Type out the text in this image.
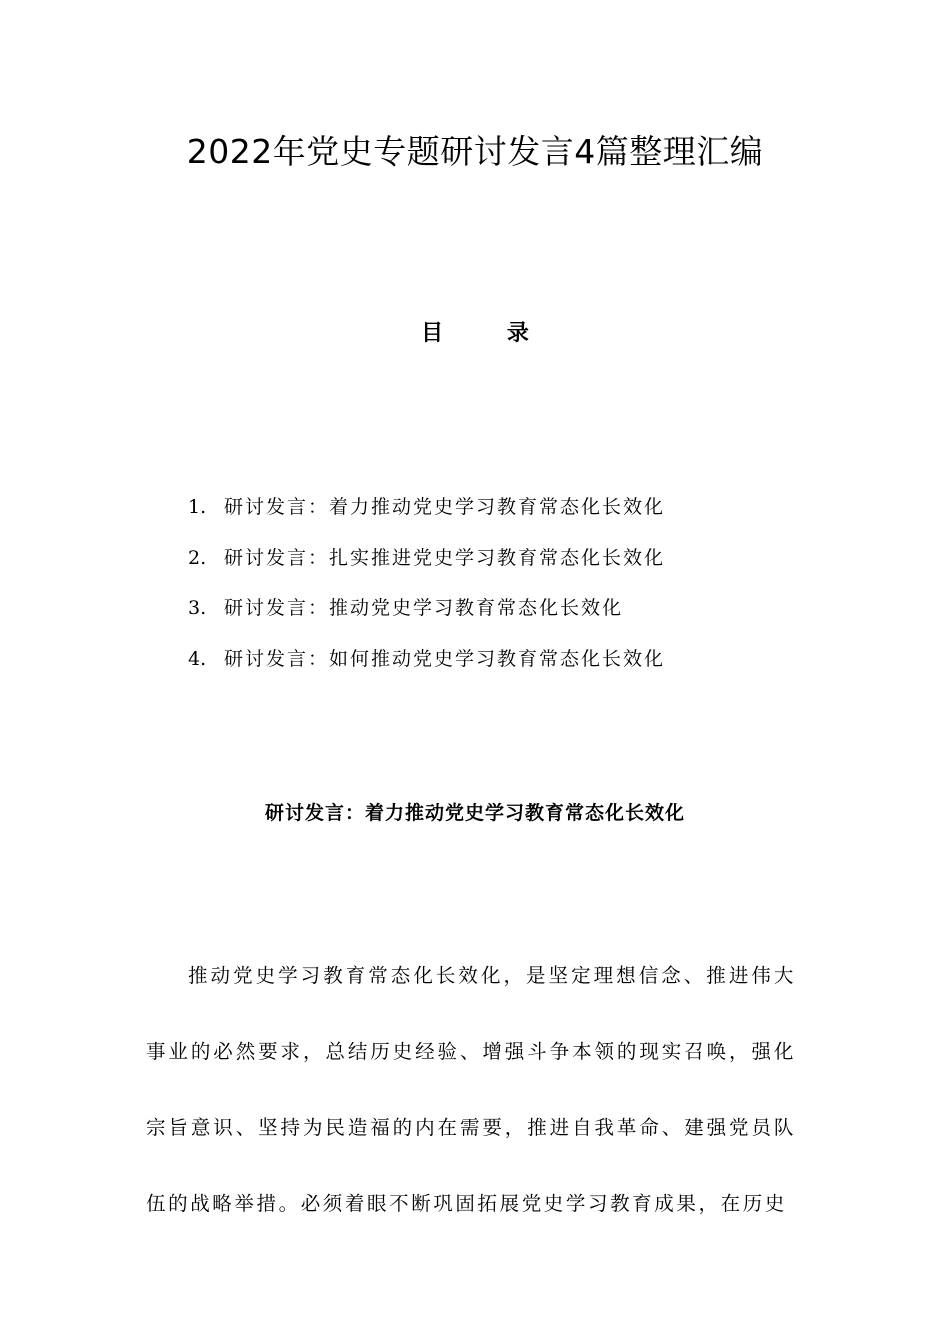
2022年党史专题研讨发言4篇整理汇编
目 录
1. 研讨发言：着力推动党史学习教育常态化长效化
2. 研讨发言：扎实推进党史学习教育常态化长效化
3. 研讨发言：推动党史学习教育常态化长效化
4. 研讨发言：如何推动党史学习教育常态化长效化
研讨发言：着力推动党史学习教育常态化长效化

推动党史学习教育常态化长效化，是坚定理想信念、推进伟大事业的必然要求，总结历史经验、增强斗争本领的现实召唤，强化宗旨意识、坚持为民造福的内在需要，推进自我革命、建强党员队伍的战略举措。必须着眼不断巩固拓展党史学习教育成果，在历史
